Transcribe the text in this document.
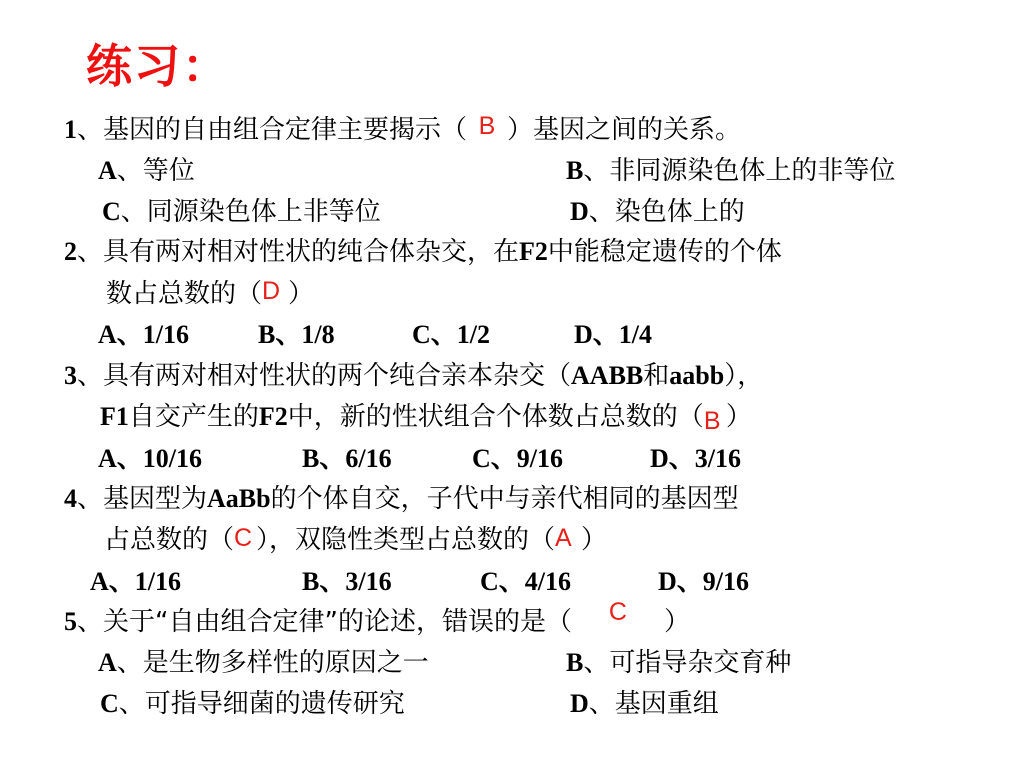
练习：
1、基因的自由组合定律主要揭示（ B ）基因之间的关系。
A、等位	B、非同源染色体上的非等位
C、同源染色体上非等位	D、染色体上的
2、具有两对相对性状的纯合体杂交，在F2中能稳定遗传的个体
数占总数的（D ）
A、1/16	B、1/8	C、1/2	D、1/4
3、具有两对相对性状的两个纯合亲本杂交（AABB和aabb），
F1自交产生的F2中，新的性状组合个体数占总数的（B ）
A、10/16	B、6/16	C、9/16	D、3/16
4、基因型为AaBb的个体自交，子代中与亲代相同的基因型
占总数的（C ），双隐性类型占总数的（A ）
A、1/16	B、3/16	C、4/16	D、9/16
5、关于“自由组合定律”的论述，错误的是（ C ）
A、是生物多样性的原因之一	B、可指导杂交育种
C、可指导细菌的遗传研究	D、基因重组
